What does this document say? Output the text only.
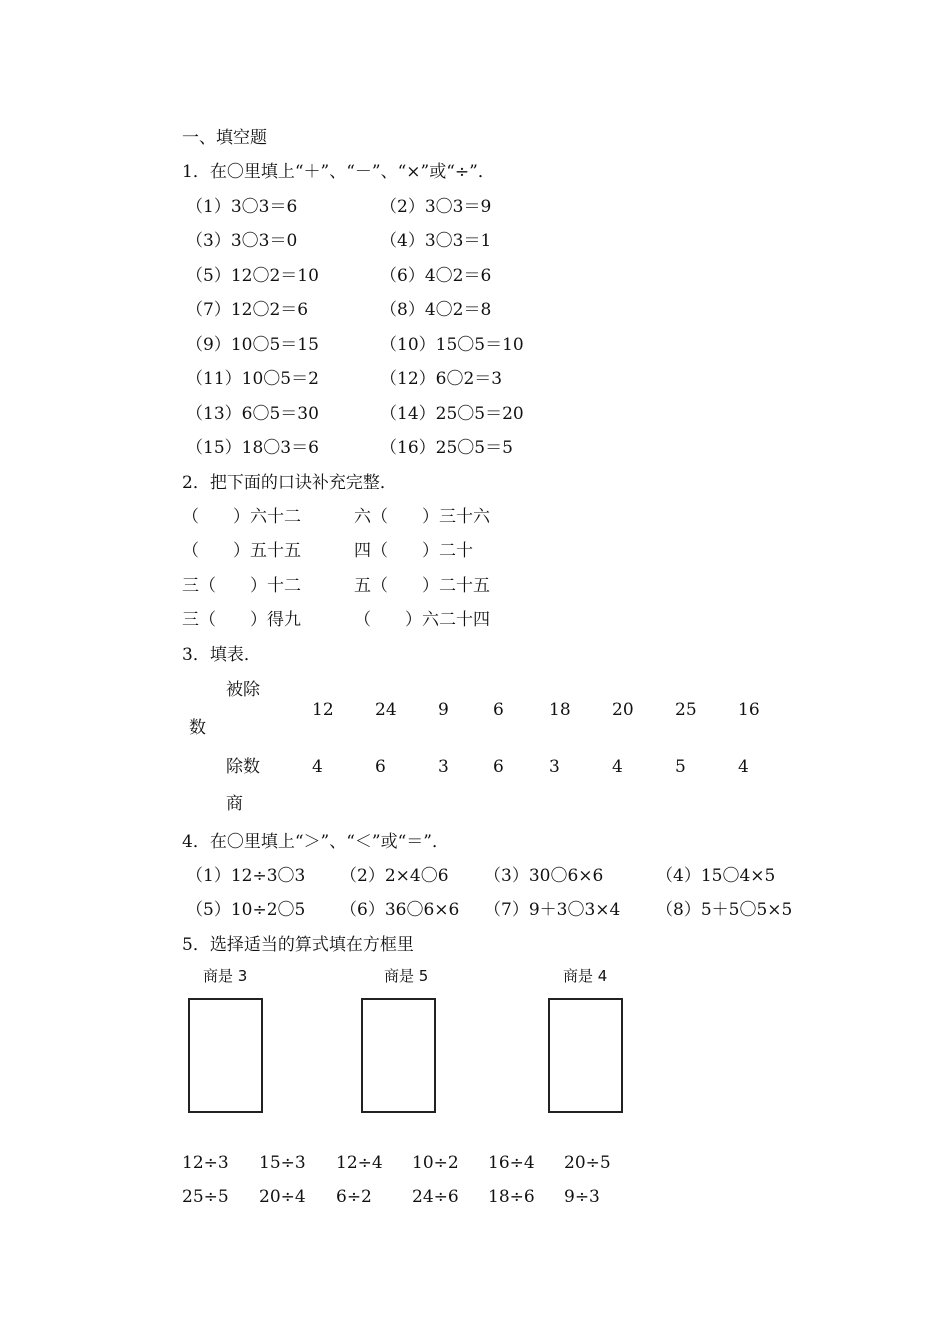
一、填空题
1．在〇里填上“＋”、“－”、“×”或“÷”．
（1）3〇3＝6	（2）3〇3＝9
（3）3〇3＝0	（4）3〇3＝1
（5）12〇2＝10	（6）4〇2＝6
（7）12〇2＝6	（8）4〇2＝8
（9）10〇5＝15	（10）15〇5＝10
（11）10〇5＝2	（12）6〇2＝3
（13）6〇5＝30	（14）25〇5＝20
（15）18〇3＝6	（16）25〇5＝5
2．把下面的口诀补充完整．
（　　）六十二	六（　　）三十六
（　　）五十五	四（　　）二十
三（　　）十二	五（　　）二十五
三（　　）得九	（　　）六二十四
3．填表．
被除
数
12 24 9	6	18 20 25 16
除数	4	6	3	6	3	4	5	4
商
4．在〇里填上“＞”、“＜”或“＝”．
（1）12÷3〇3 （2）2×4〇6 （3）30〇6×6	（4）15〇4×5
（5）10÷2〇5 （6）36〇6×6 （7）9＋3〇3×4 （8）5＋5〇5×5
5．选择适当的算式填在方框里
商是 3	商是 5	商是 4
12÷3 15÷3 12÷4 10÷2 16÷4 20÷5
25÷5 20÷4 6÷2 24÷6 18÷6 9÷3
